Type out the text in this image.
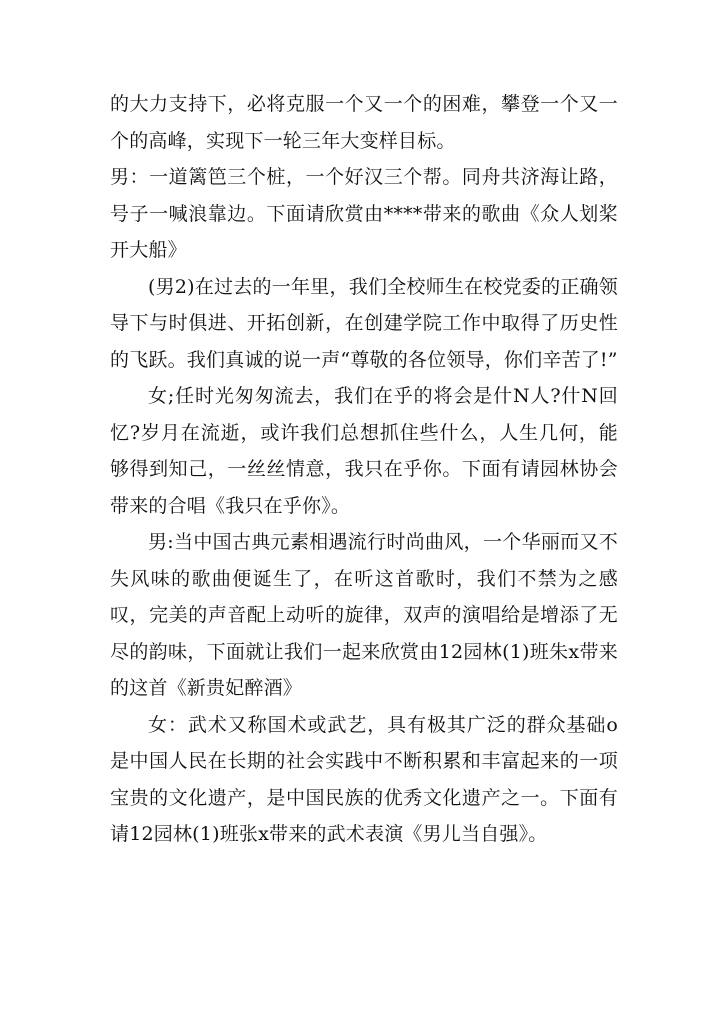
的大力支持下，必将克服一个又一个的困难，攀登一个又一个的高峰，实现下一轮三年大变样目标。

男：一道篱笆三个桩，一个好汉三个帮。同舟共济海让路，号子一喊浪靠边。下面请欣赏由****带来的歌曲《众人划桨开大船》

(男2)在过去的一年里，我们全校师生在校党委的正确领导下与时俱进、开拓创新，在创建学院工作中取得了历史性的飞跃。我们真诚的说一声“尊敬的各位领导，你们辛苦了!”

女;任时光匆匆流去，我们在乎的将会是什N人?什N回忆?岁月在流逝，或许我们总想抓住些什么，人生几何，能够得到知己，一丝丝情意，我只在乎你。下面有请园林协会带来的合唱《我只在乎你》。

男:当中国古典元素相遇流行时尚曲风，一个华丽而又不失风味的歌曲便诞生了，在听这首歌时，我们不禁为之感叹，完美的声音配上动听的旋律，双声的演唱给是增添了无尽的韵味，下面就让我们一起来欣赏由12园林(1)班朱x带来的这首《新贵妃醉酒》

女：武术又称国术或武艺，具有极其广泛的群众基础o是中国人民在长期的社会实践中不断积累和丰富起来的一项宝贵的文化遗产，是中国民族的优秀文化遗产之一。下面有请12园林(1)班张x带来的武术表演《男儿当自强》。
